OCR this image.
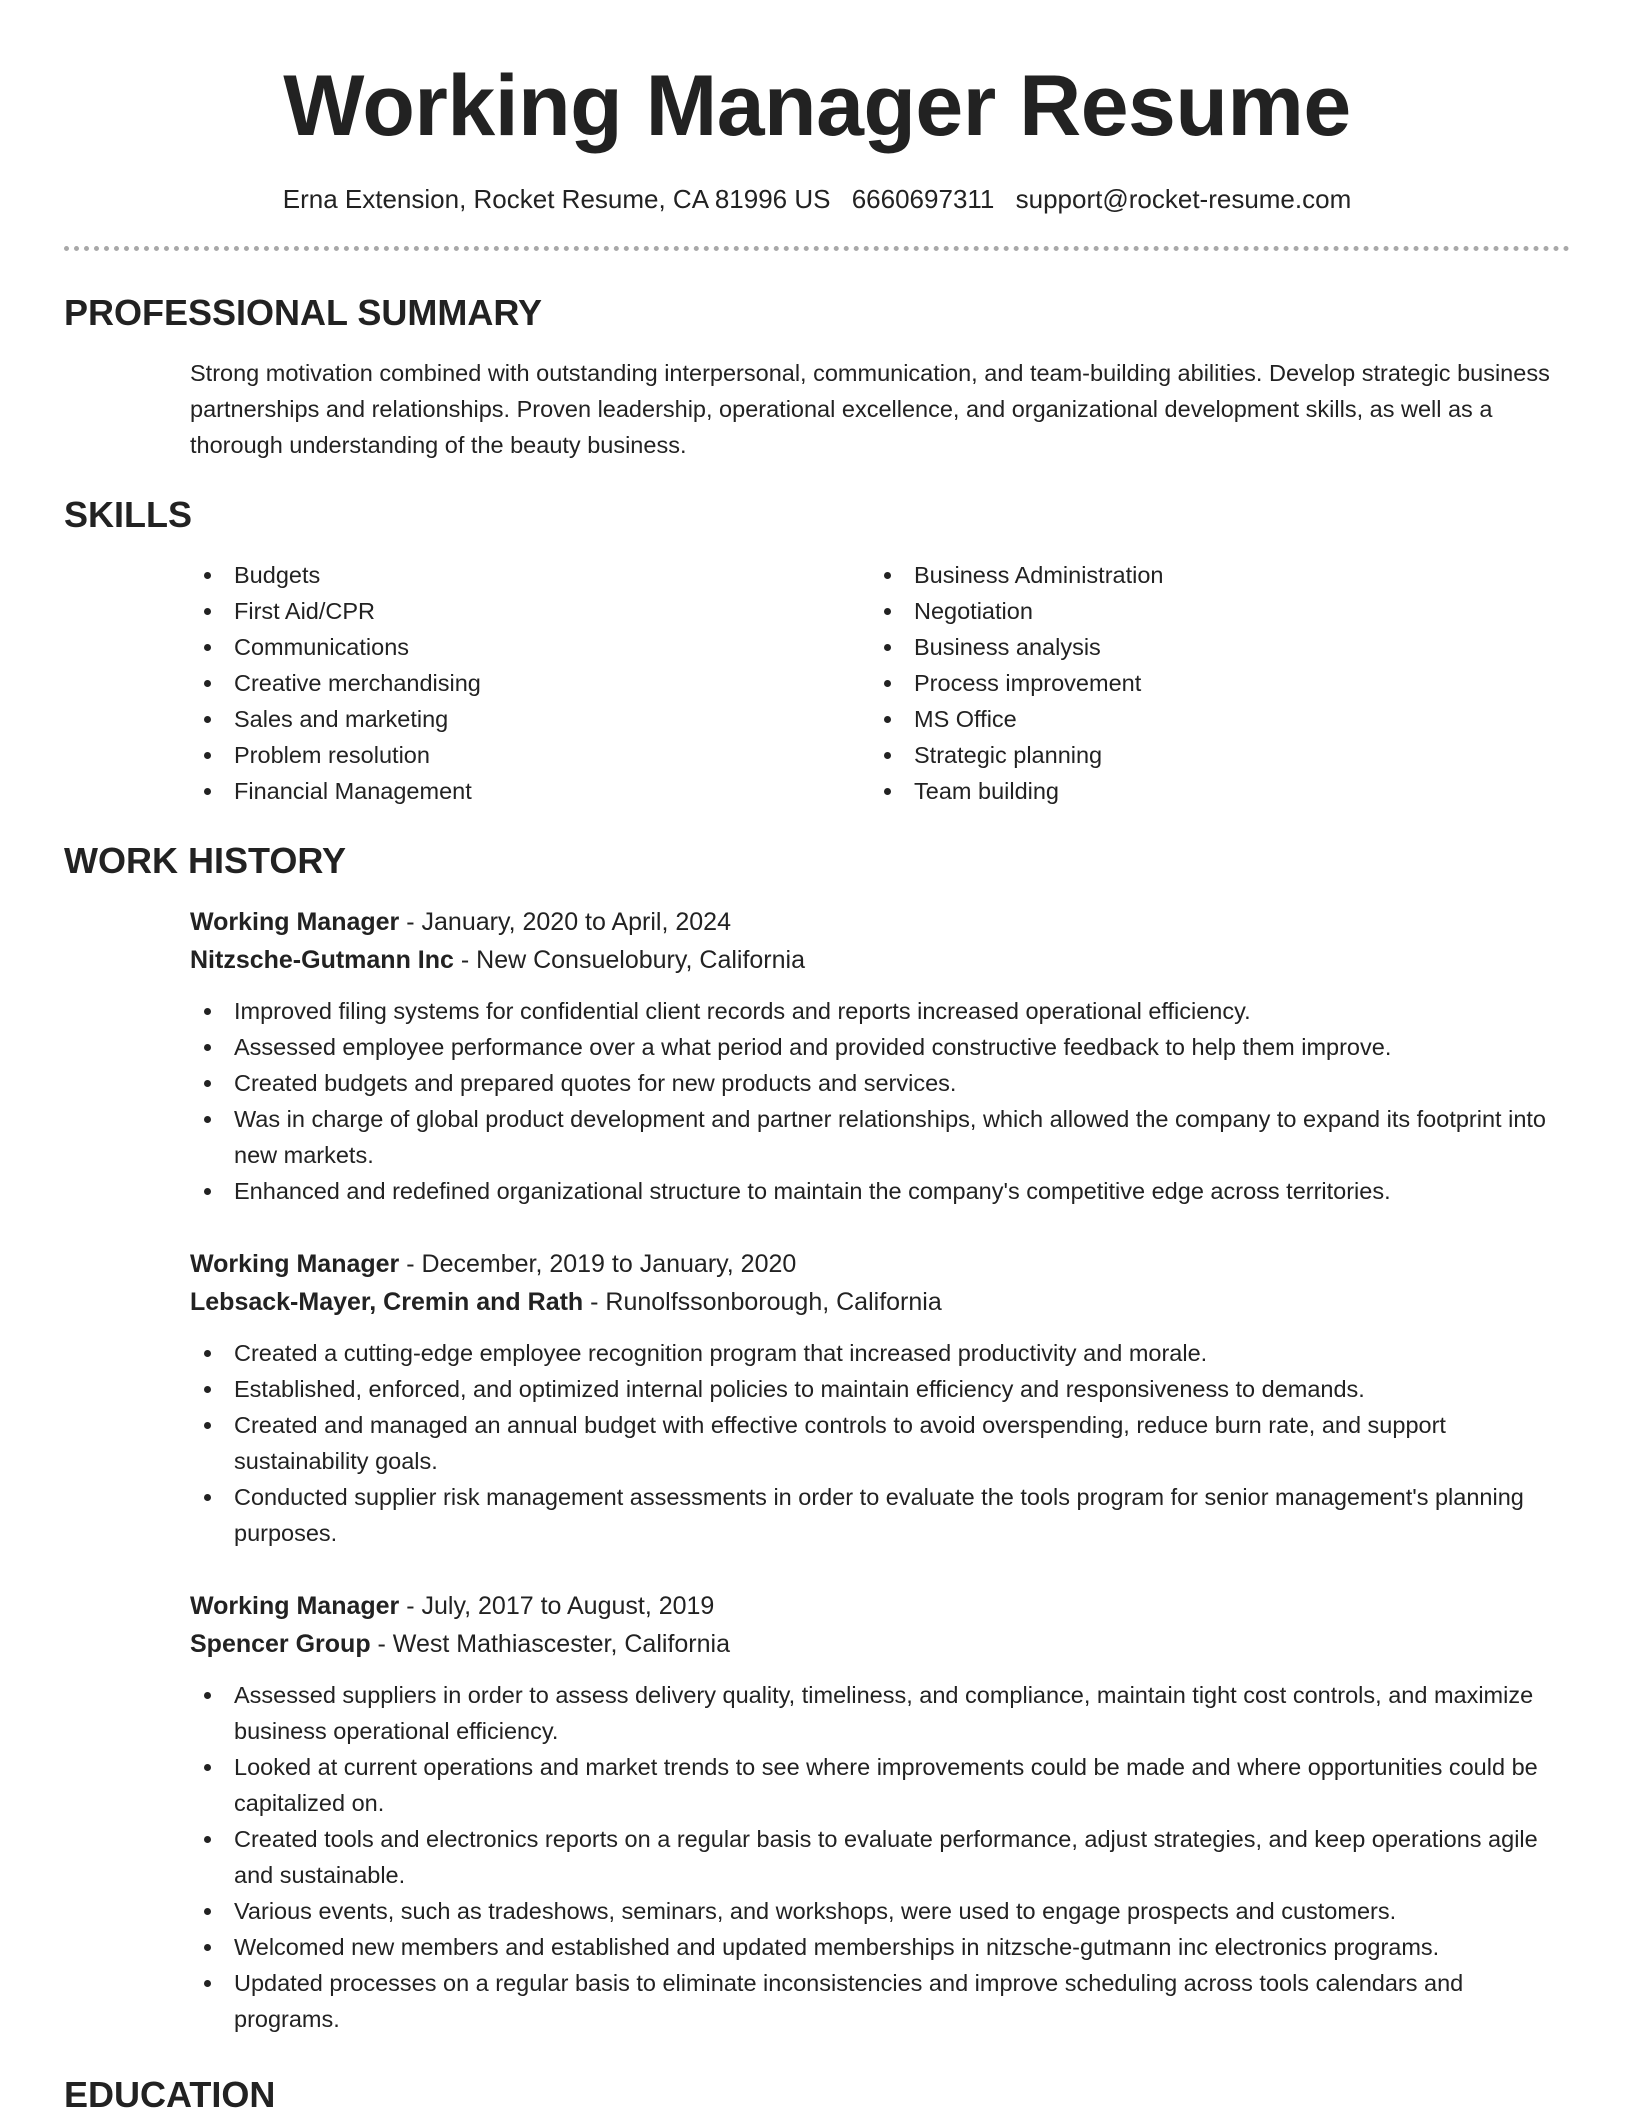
Working Manager Resume
Erna Extension, Rocket Resume, CA 81996 US 6660697311 support@rocket-resume.com
PROFESSIONAL SUMMARY
Strong motivation combined with outstanding interpersonal, communication, and team-building abilities. Develop strategic business partnerships and relationships. Proven leadership, operational excellence, and organizational development skills, as well as a thorough understanding of the beauty business.
SKILLS
Budgets
First Aid/CPR
Communications
Creative merchandising
Sales and marketing
Problem resolution
Financial Management
Business Administration
Negotiation
Business analysis
Process improvement
MS Office
Strategic planning
Team building
WORK HISTORY
Working Manager - January, 2020 to April, 2024
Nitzsche-Gutmann Inc - New Consuelobury, California
Improved filing systems for confidential client records and reports increased operational efficiency.
Assessed employee performance over a what period and provided constructive feedback to help them improve.
Created budgets and prepared quotes for new products and services.
Was in charge of global product development and partner relationships, which allowed the company to expand its footprint into new markets.
Enhanced and redefined organizational structure to maintain the company's competitive edge across territories.
Working Manager - December, 2019 to January, 2020
Lebsack-Mayer, Cremin and Rath - Runolfssonborough, California
Created a cutting-edge employee recognition program that increased productivity and morale.
Established, enforced, and optimized internal policies to maintain efficiency and responsiveness to demands.
Created and managed an annual budget with effective controls to avoid overspending, reduce burn rate, and support sustainability goals.
Conducted supplier risk management assessments in order to evaluate the tools program for senior management's planning purposes.
Working Manager - July, 2017 to August, 2019
Spencer Group - West Mathiascester, California
Assessed suppliers in order to assess delivery quality, timeliness, and compliance, maintain tight cost controls, and maximize business operational efficiency.
Looked at current operations and market trends to see where improvements could be made and where opportunities could be capitalized on.
Created tools and electronics reports on a regular basis to evaluate performance, adjust strategies, and keep operations agile and sustainable.
Various events, such as tradeshows, seminars, and workshops, were used to engage prospects and customers.
Welcomed new members and established and updated memberships in nitzsche-gutmann inc electronics programs.
Updated processes on a regular basis to eliminate inconsistencies and improve scheduling across tools calendars and programs.
EDUCATION
